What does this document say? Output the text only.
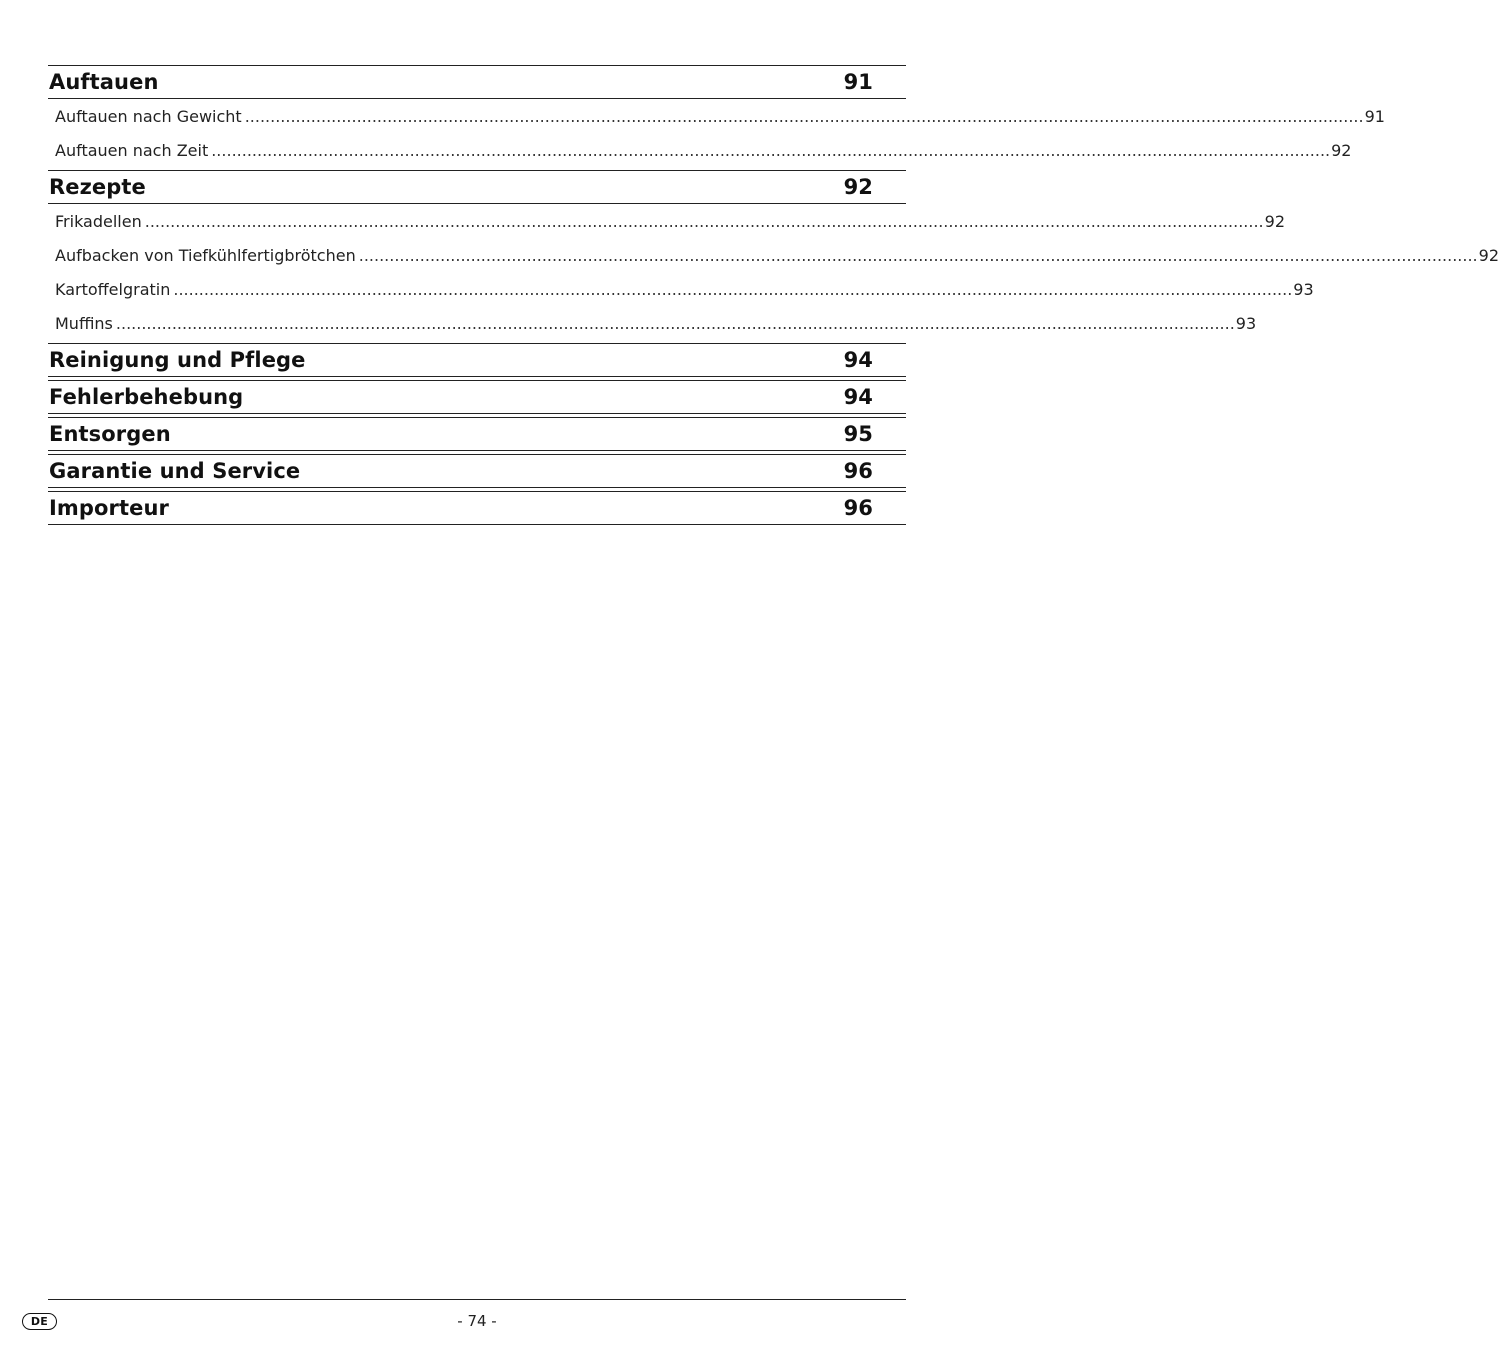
Auftauen	91
Auftauen nach Gewicht ............................................................................................................................................................................................................................ 91
Auftauen nach Zeit ............................................................................................................................................................................................................................ 92
Rezepte	92
Frikadellen ............................................................................................................................................................................................................................ 92
Aufbacken von Tiefkühlfertigbrötchen ............................................................................................................................................................................................................................ 92
Kartoffelgratin ............................................................................................................................................................................................................................ 93
Muffins ............................................................................................................................................................................................................................ 93
Reinigung und Pflege	94
Fehlerbehebung	94
Entsorgen	95
Garantie und Service	96
Importeur	96
DE	- 74 -
